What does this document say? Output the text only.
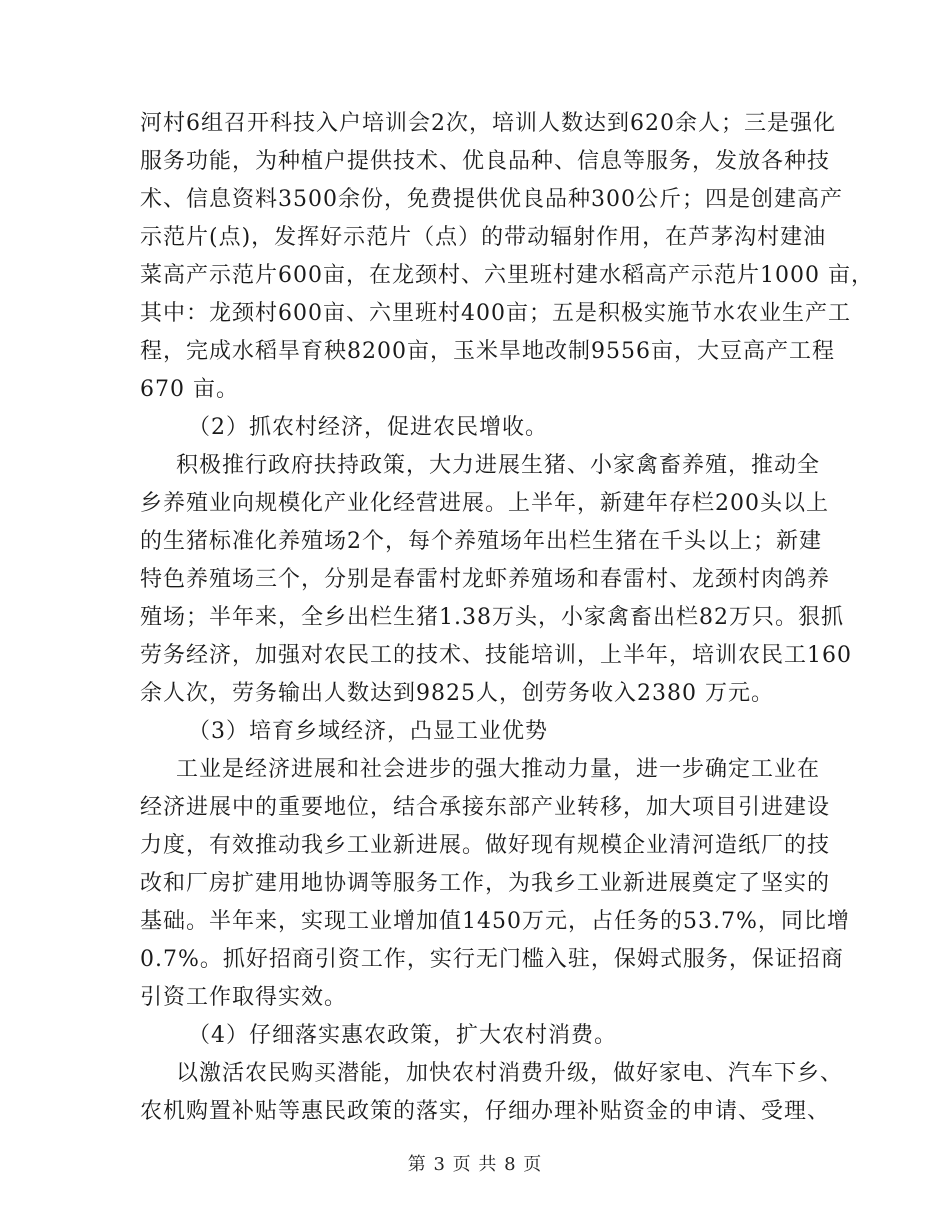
河村6组召开科技入户培训会2次，培训人数达到620余人；三是强化
服务功能，为种植户提供技术、优良品种、信息等服务，发放各种技
术、信息资料3500余份，免费提供优良品种300公斤；四是创建高产
示范片(点)，发挥好示范片（点）的带动辐射作用，在芦茅沟村建油
菜高产示范片600亩，在龙颈村、六里班村建水稻高产示范片1000 亩，
其中：龙颈村600亩、六里班村400亩；五是积极实施节水农业生产工
程，完成水稻旱育秧8200亩，玉米旱地改制9556亩，大豆高产工程
670 亩。
（2）抓农村经济，促进农民增收。
积极推行政府扶持政策，大力进展生猪、小家禽畜养殖，推动全
乡养殖业向规模化产业化经营进展。上半年，新建年存栏200头以上
的生猪标准化养殖场2个，每个养殖场年出栏生猪在千头以上；新建
特色养殖场三个，分别是春雷村龙虾养殖场和春雷村、龙颈村肉鸽养
殖场；半年来，全乡出栏生猪1.38万头，小家禽畜出栏82万只。狠抓
劳务经济，加强对农民工的技术、技能培训，上半年，培训农民工160
余人次，劳务输出人数达到9825人，创劳务收入2380 万元。
（3）培育乡域经济，凸显工业优势
工业是经济进展和社会进步的强大推动力量，进一步确定工业在
经济进展中的重要地位，结合承接东部产业转移，加大项目引进建设
力度，有效推动我乡工业新进展。做好现有规模企业清河造纸厂的技
改和厂房扩建用地协调等服务工作，为我乡工业新进展奠定了坚实的
基础。半年来，实现工业增加值1450万元，占任务的53.7%，同比增
0.7%。抓好招商引资工作，实行无门槛入驻，保姆式服务，保证招商
引资工作取得实效。
（4）仔细落实惠农政策，扩大农村消费。
以激活农民购买潜能，加快农村消费升级，做好家电、汽车下乡、
农机购置补贴等惠民政策的落实，仔细办理补贴资金的申请、受理、
第 3 页 共 8 页
